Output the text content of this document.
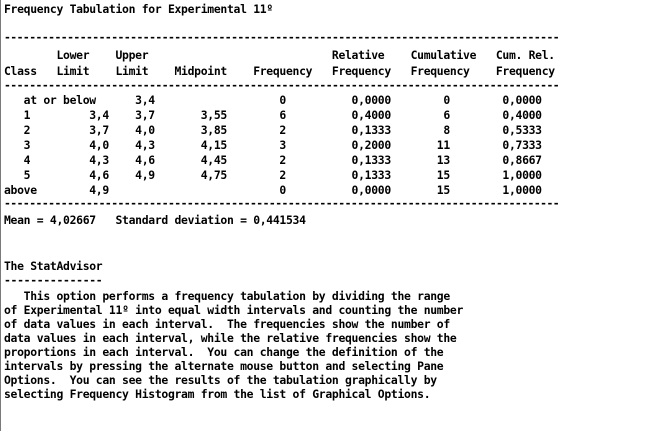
Frequency Tabulation for Experimental 11º
----------------------------------------------------------------------------------------
Lower    Upper                            Relative    Cumulative   Cum. Rel.
Class   Limit    Limit    Midpoint    Frequency   Frequency   Frequency    Frequency
----------------------------------------------------------------------------------------
at or below      3,4                   0          0,0000        0        0,0000
1         3,4    3,7       3,55        6          0,4000        6        0,4000
2         3,7    4,0       3,85        2          0,1333        8        0,5333
3         4,0    4,3       4,15        3          0,2000       11        0,7333
4         4,3    4,6       4,45        2          0,1333       13        0,8667
5         4,6    4,9       4,75        2          0,1333       15        1,0000
above        4,9                          0          0,0000       15        1,0000
----------------------------------------------------------------------------------------
Mean = 4,02667   Standard deviation = 0,441534
The StatAdvisor
---------------
This option performs a frequency tabulation by dividing the range
of Experimental 11º into equal width intervals and counting the number
of data values in each interval.  The frequencies show the number of
data values in each interval, while the relative frequencies show the
proportions in each interval.  You can change the definition of the
intervals by pressing the alternate mouse button and selecting Pane
Options.  You can see the results of the tabulation graphically by
selecting Frequency Histogram from the list of Graphical Options.
